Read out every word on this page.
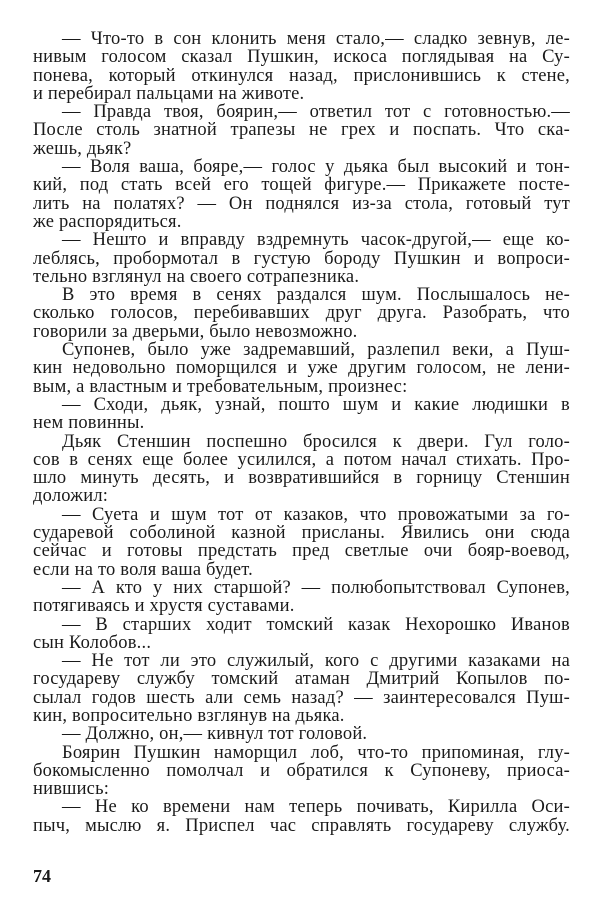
— Что-то в сон клонить меня стало,— сладко зевнув, ле-
нивым голосом сказал Пушкин, искоса поглядывая на Су-
понева, который откинулся назад, прислонившись к стене,
и перебирал пальцами на животе.
— Правда твоя, боярин,— ответил тот с готовностью.—
После столь знатной трапезы не грех и поспать. Что ска-
жешь, дьяк?
— Воля ваша, бояре,— голос у дьяка был высокий и тон-
кий, под стать всей его тощей фигуре.— Прикажете посте-
лить на полатях? — Он поднялся из-за стола, готовый тут
же распорядиться.
— Нешто и вправду вздремнуть часок-другой,— еще ко-
леблясь, пробормотал в густую бороду Пушкин и вопроси-
тельно взглянул на своего сотрапезника.
В это время в сенях раздался шум. Послышалось не-
сколько голосов, перебивавших друг друга. Разобрать, что
говорили за дверьми, было невозможно.
Супонев, было уже задремавший, разлепил веки, а Пуш-
кин недовольно поморщился и уже другим голосом, не лени-
вым, а властным и требовательным, произнес:
— Сходи, дьяк, узнай, пошто шум и какие людишки в
нем повинны.
Дьяк Стеншин поспешно бросился к двери. Гул голо-
сов в сенях еще более усилился, а потом начал стихать. Про-
шло минуть десять, и возвратившийся в горницу Стеншин
доложил:
— Суета и шум тот от казаков, что провожатыми за го-
сударевой соболиной казной присланы. Явились они сюда
сейчас и готовы предстать пред светлые очи бояр-воевод,
если на то воля ваша будет.
— А кто у них старшой? — полюбопытствовал Супонев,
потягиваясь и хрустя суставами.
— В старших ходит томский казак Нехорошко Иванов
сын Колобов...
— Не тот ли это служилый, кого с другими казаками на
государеву службу томский атаман Дмитрий Копылов по-
сылал годов шесть али семь назад? — заинтересовался Пуш-
кин, вопросительно взглянув на дьяка.
— Должно, он,— кивнул тот головой.
Боярин Пушкин наморщил лоб, что-то припоминая, глу-
бокомысленно помолчал и обратился к Супоневу, приоса-
нившись:
— Не ко времени нам теперь почивать, Кирилла Оси-
пыч, мыслю я. Приспел час справлять государеву службу.
74
